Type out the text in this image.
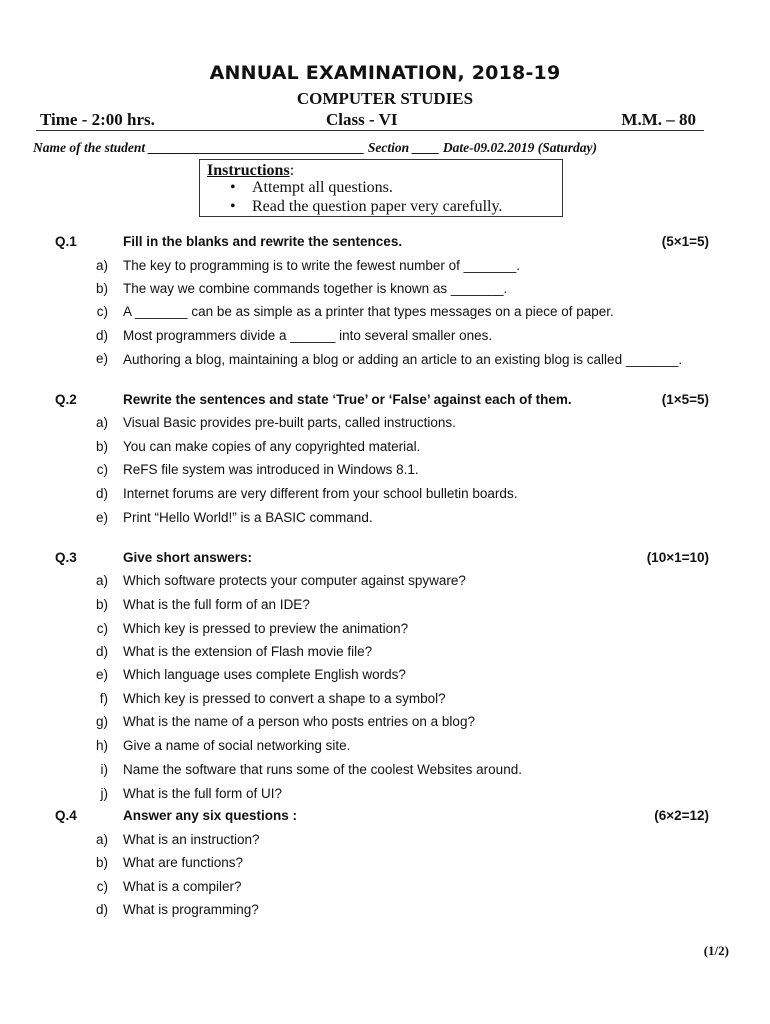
ANNUAL EXAMINATION, 2018-19
COMPUTER STUDIES
Time - 2:00 hrs.	Class - VI	M.M. – 80
Name of the student ________________________________ Section ____ Date-09.02.2019 (Saturday)
Instructions:
• Attempt all questions.
• Read the question paper very carefully.
Q.1	Fill in the blanks and rewrite the sentences.	(5×1=5)
a) The key to programming is to write the fewest number of _______.
b) The way we combine commands together is known as _______.
c) A _______ can be as simple as a printer that types messages on a piece of paper.
d) Most programmers divide a ______ into several smaller ones.
e) Authoring a blog, maintaining a blog or adding an article to an existing blog is called _______.
Q.2	Rewrite the sentences and state ‘True’ or ‘False’ against each of them.	(1×5=5)
a) Visual Basic provides pre-built parts, called instructions.
b) You can make copies of any copyrighted material.
c) ReFS file system was introduced in Windows 8.1.
d) Internet forums are very different from your school bulletin boards.
e) Print “Hello World!” is a BASIC command.
Q.3	Give short answers:	(10×1=10)
a) Which software protects your computer against spyware?
b) What is the full form of an IDE?
c) Which key is pressed to preview the animation?
d) What is the extension of Flash movie file?
e) Which language uses complete English words?
f) Which key is pressed to convert a shape to a symbol?
g) What is the name of a person who posts entries on a blog?
h) Give a name of social networking site.
i) Name the software that runs some of the coolest Websites around.
j) What is the full form of UI?
Q.4	Answer any six questions :	(6×2=12)
a) What is an instruction?
b) What are functions?
c) What is a compiler?
d) What is programming?
(1/2)
